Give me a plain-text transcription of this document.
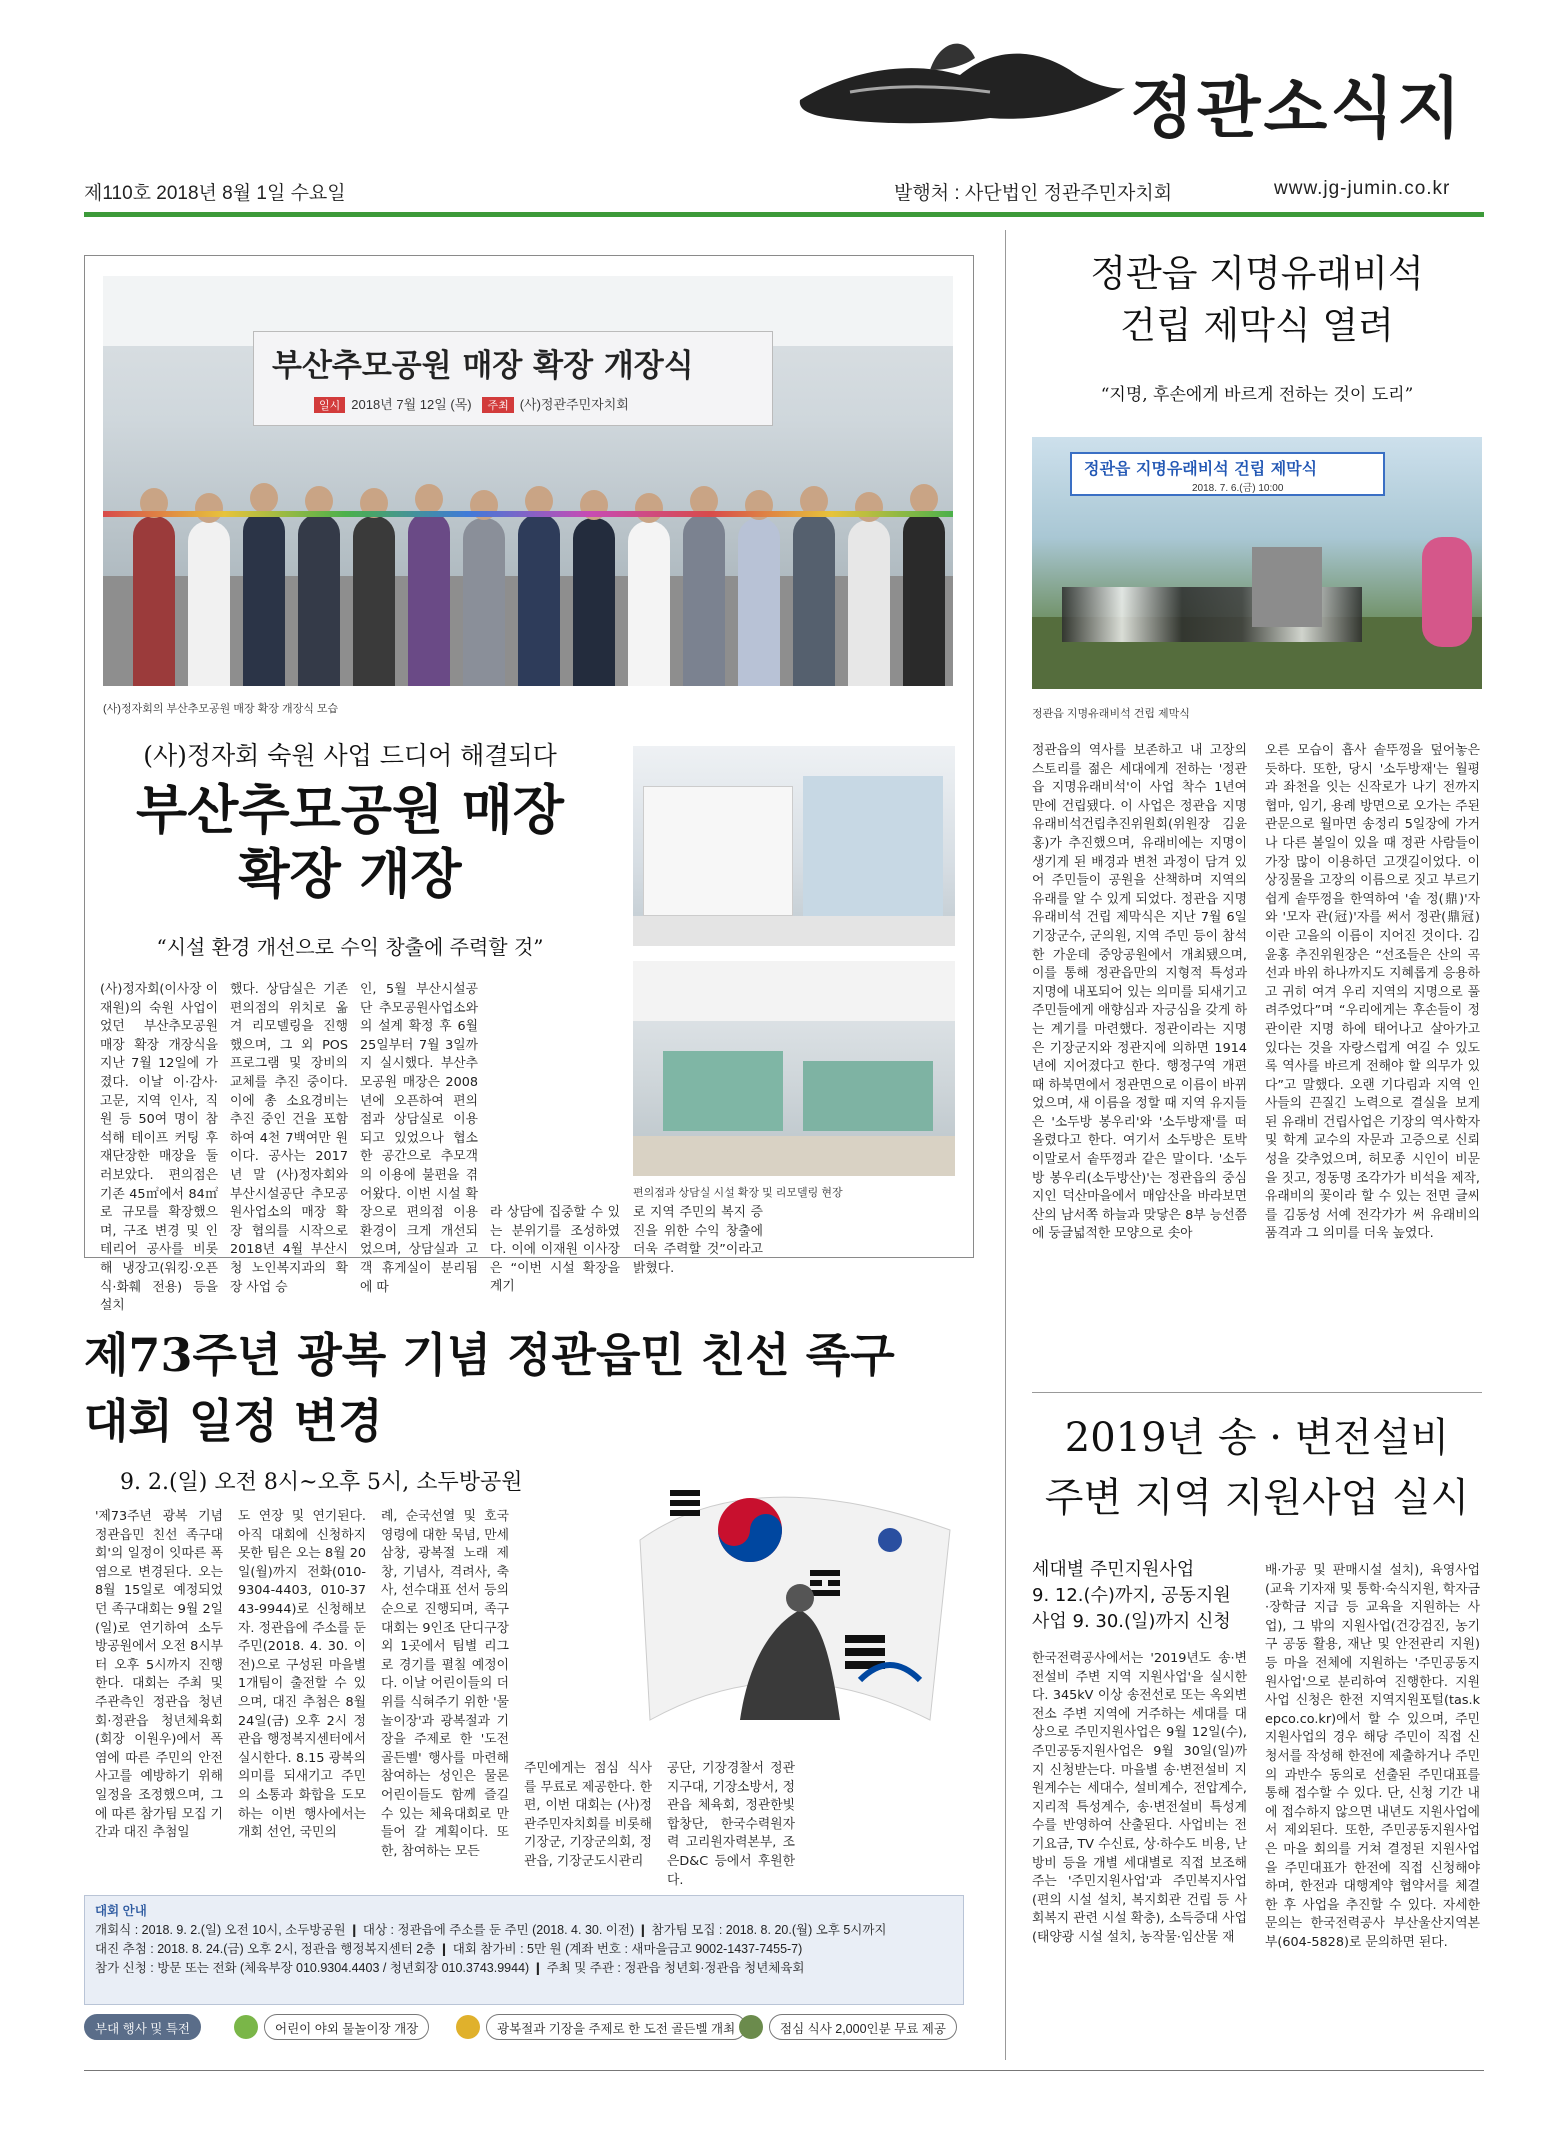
정관소식지
제110호 2018년 8월 1일 수요일	발행처 : 사단법인 정관주민자치회	www.jg-jumin.co.kr
부산추모공원 매장 확장 개장식
일시 2018년 7월 12일 (목) 주최 (사)정관주민자치회
(사)정자회의 부산추모공원 매장 확장 개장식 모습
(사)정자회 숙원 사업 드디어 해결되다
부산추모공원 매장
확장 개장
“시설 환경 개선으로 수익 창출에 주력할 것”
편의점과 상담실 시설 확장 및 리모델링 현장
(사)정자회(이사장 이재원)의 숙원 사업이었던 부산추모공원 매장 확장 개장식을 지난 7월 12일에 가졌다. 이날 이·감사·고문, 지역 인사, 직원 등 50여 명이 참석해 테이프 커팅 후 재단장한 매장을 둘러보았다. 편의점은 기존 45㎡에서 84㎡로 규모를 확장했으며, 구조 변경 및 인테리어 공사를 비롯해 냉장고(워킹·오픈식·화훼 전용) 등을 설치
했다. 상담실은 기존 편의점의 위치로 옮겨 리모델링을 진행했으며, 그 외 POS 프로그램 및 장비의 교체를 추진 중이다. 이에 총 소요경비는 추진 중인 건을 포함하여 4천 7백여만 원이다. 공사는 2017년 말 (사)정자회와 부산시설공단 추모공원사업소의 매장 확장 협의를 시작으로 2018년 4월 부산시청 노인복지과의 확장 사업 승
인, 5월 부산시설공단 추모공원사업소와의 설계 확정 후 6월 25일부터 7월 3일까지 실시했다. 부산추모공원 매장은 2008년에 오픈하여 편의점과 상담실로 이용되고 있었으나 협소한 공간으로 추모객의 이용에 불편을 겪어왔다. 이번 시설 확장으로 편의점 이용 환경이 크게 개선되었으며, 상담실과 고객 휴게실이 분리됨에 따
라 상담에 집중할 수 있는 분위기를 조성하였다. 이에 이재원 이사장은 “이번 시설 확장을 계기
로 지역 주민의 복지 증진을 위한 수익 창출에 더욱 주력할 것”이라고 밝혔다.
정관읍 지명유래비석
건립 제막식 열려
“지명, 후손에게 바르게 전하는 것이 도리”
정관읍 지명유래비석 건립 제막식
2018. 7. 6.(금) 10:00
정관읍 지명유래비석 건립 제막식
정관읍의 역사를 보존하고 내 고장의 스토리를 젊은 세대에게 전하는 '정관읍 지명유래비석'이 사업 착수 1년여 만에 건립됐다. 이 사업은 정관읍 지명유래비석건립추진위원회(위원장 김윤홍)가 추진했으며, 유래비에는 지명이 생기게 된 배경과 변천 과정이 담겨 있어 주민들이 공원을 산책하며 지역의 유래를 알 수 있게 되었다. 정관읍 지명유래비석 건립 제막식은 지난 7월 6일 기장군수, 군의원, 지역 주민 등이 참석한 가운데 중앙공원에서 개최됐으며, 이를 통해 정관읍만의 지형적 특성과 지명에 내포되어 있는 의미를 되새기고 주민들에게 애향심과 자긍심을 갖게 하는 계기를 마련했다. 정관이라는 지명은 기장군지와 정관지에 의하면 1914년에 지어졌다고 한다. 행정구역 개편 때 하북면에서 정관면으로 이름이 바뀌었으며, 새 이름을 정할 때 지역 유지들은 '소두방 봉우리'와 '소두방재'를 떠올렸다고 한다. 여기서 소두방은 토박이말로서 솥뚜껑과 같은 말이다. '소두방 봉우리(소두방산)'는 정관읍의 중심지인 덕산마을에서 매암산을 바라보면 산의 남서쪽 하늘과 맞닿은 8부 능선쯤에 둥글넓적한 모양으로 솟아
오른 모습이 흡사 솥뚜껑을 덮어놓은 듯하다. 또한, 당시 '소두방재'는 월평과 좌천을 잇는 신작로가 나기 전까지 협마, 임기, 용례 방면으로 오가는 주된 관문으로 월마면 송정리 5일장에 가거나 다른 볼일이 있을 때 정관 사람들이 가장 많이 이용하던 고갯길이었다. 이 상징물을 고장의 이름으로 짓고 부르기 쉽게 솥뚜껑을 한역하여 '솥 정(鼎)'자와 '모자 관(冠)'자를 써서 정관(鼎冠)이란 고을의 이름이 지어진 것이다. 김윤홍 추진위원장은 “선조들은 산의 곡선과 바위 하나까지도 지혜롭게 응용하고 귀히 여겨 우리 지역의 지명으로 풀려주었다”며 “우리에게는 후손들이 정관이란 지명 하에 태어나고 살아가고 있다는 것을 자랑스럽게 여길 수 있도록 역사를 바르게 전해야 할 의무가 있다”고 말했다. 오랜 기다림과 지역 인사들의 끈질긴 노력으로 결실을 보게 된 유래비 건립사업은 기장의 역사학자 및 학계 교수의 자문과 고증으로 신뢰성을 갖추었으며, 허모종 시인이 비문을 짓고, 정동명 조각가가 비석을 제작, 유래비의 꽃이라 할 수 있는 전면 글씨를 김동성 서예 전각가가 써 유래비의 품격과 그 의미를 더욱 높였다.
2019년 송 · 변전설비
주변 지역 지원사업 실시
세대별 주민지원사업
9. 12.(수)까지, 공동지원
사업 9. 30.(일)까지 신청
한국전력공사에서는 '2019년도 송·변전설비 주변 지역 지원사업'을 실시한다. 345kV 이상 송전선로 또는 옥외변전소 주변 지역에 거주하는 세대를 대상으로 주민지원사업은 9월 12일(수), 주민공동지원사업은 9월 30일(일)까지 신청받는다. 마을별 송·변전설비 지원계수는 세대수, 설비계수, 전압계수, 지리적 특성계수, 송·변전설비 특성계수를 반영하여 산출된다. 사업비는 전기요금, TV 수신료, 상·하수도 비용, 난방비 등을 개별 세대별로 직접 보조해주는 '주민지원사업'과 주민복지사업(편의 시설 설치, 복지회관 건립 등 사회복지 관련 시설 확충), 소득증대 사업(태양광 시설 설치, 농작물·임산물 재
배·가공 및 판매시설 설치), 육영사업(교육 기자재 및 통학·숙식지원, 학자금·장학금 지급 등 교육을 지원하는 사업), 그 밖의 지원사업(건강검진, 농기구 공동 활용, 재난 및 안전관리 지원) 등 마을 전체에 지원하는 '주민공동지원사업'으로 분리하여 진행한다. 지원사업 신청은 한전 지역지원포털(tas.kepco.co.kr)에서 할 수 있으며, 주민지원사업의 경우 해당 주민이 직접 신청서를 작성해 한전에 제출하거나 주민의 과반수 동의로 선출된 주민대표를 통해 접수할 수 있다. 단, 신청 기간 내에 접수하지 않으면 내년도 지원사업에서 제외된다. 또한, 주민공동지원사업은 마을 회의를 거쳐 결정된 지원사업을 주민대표가 한전에 직접 신청해야 하며, 한전과 대행계약 협약서를 체결한 후 사업을 추진할 수 있다. 자세한 문의는 한국전력공사 부산울산지역본부(604-5828)로 문의하면 된다.
제73주년 광복 기념 정관읍민 친선 족구
대회 일정 변경
9. 2.(일) 오전 8시~오후 5시, 소두방공원
'제73주년 광복 기념 정관읍민 친선 족구대회'의 일정이 잇따른 폭염으로 변경된다. 오는 8월 15일로 예정되었던 족구대회는 9월 2일(일)로 연기하여 소두방공원에서 오전 8시부터 오후 5시까지 진행한다. 대회는 주최 및 주관측인 정관읍 청년회·정관읍 청년체육회(회장 이원우)에서 폭염에 따른 주민의 안전사고를 예방하기 위해 일정을 조정했으며, 그에 따른 참가팀 모집 기간과 대진 추첨일
도 연장 및 연기된다. 아직 대회에 신청하지 못한 팀은 오는 8월 20일(월)까지 전화(010-9304-4403, 010-3743-9944)로 신청해보자. 정관읍에 주소를 둔 주민(2018. 4. 30. 이전)으로 구성된 마을별 1개팀이 출전할 수 있으며, 대진 추첨은 8월 24일(금) 오후 2시 정관읍 행정복지센터에서 실시한다. 8.15 광복의 의미를 되새기고 주민의 소통과 화합을 도모하는 이번 행사에서는 개회 선언, 국민의
례, 순국선열 및 호국 영령에 대한 묵념, 만세 삼창, 광복절 노래 제창, 기념사, 격려사, 축사, 선수대표 선서 등의 순으로 진행되며, 족구대회는 9인조 단디구장 외 1곳에서 팀별 리그로 경기를 펼칠 예정이다. 이날 어린이들의 더위를 식혀주기 위한 '물놀이장'과 광복절과 기장을 주제로 한 '도전 골든벨' 행사를 마련해 참여하는 성인은 물론 어린이들도 함께 즐길 수 있는 체육대회로 만들어 갈 계획이다. 또한, 참여하는 모든
주민에게는 점심 식사를 무료로 제공한다. 한편, 이번 대회는 (사)정관주민자치회를 비롯해 기장군, 기장군의회, 정관읍, 기장군도시관리
공단, 기장경찰서 정관지구대, 기장소방서, 정관읍 체육회, 정관한빛합창단, 한국수력원자력 고리원자력본부, 조은D&C 등에서 후원한다.
대회 안내
개회식 : 2018. 9. 2.(일) 오전 10시, 소두방공원 ❙ 대상 : 정관읍에 주소를 둔 주민 (2018. 4. 30. 이전) ❙ 참가팀 모집 : 2018. 8. 20.(월) 오후 5시까지
대진 추첨 : 2018. 8. 24.(금) 오후 2시, 정관읍 행정복지센터 2층 ❙ 대회 참가비 : 5만 원 (계좌 번호 : 새마을금고 9002-1437-7455-7)
참가 신청 : 방문 또는 전화 (체육부장 010.9304.4403 / 청년회장 010.3743.9944) ❙ 주최 및 주관 : 정관읍 청년회·정관읍 청년체육회
부대 행사 및 특전	어린이 야외 물놀이장 개장	광복절과 기장을 주제로 한 도전 골든벨 개최	점심 식사 2,000인분 무료 제공
